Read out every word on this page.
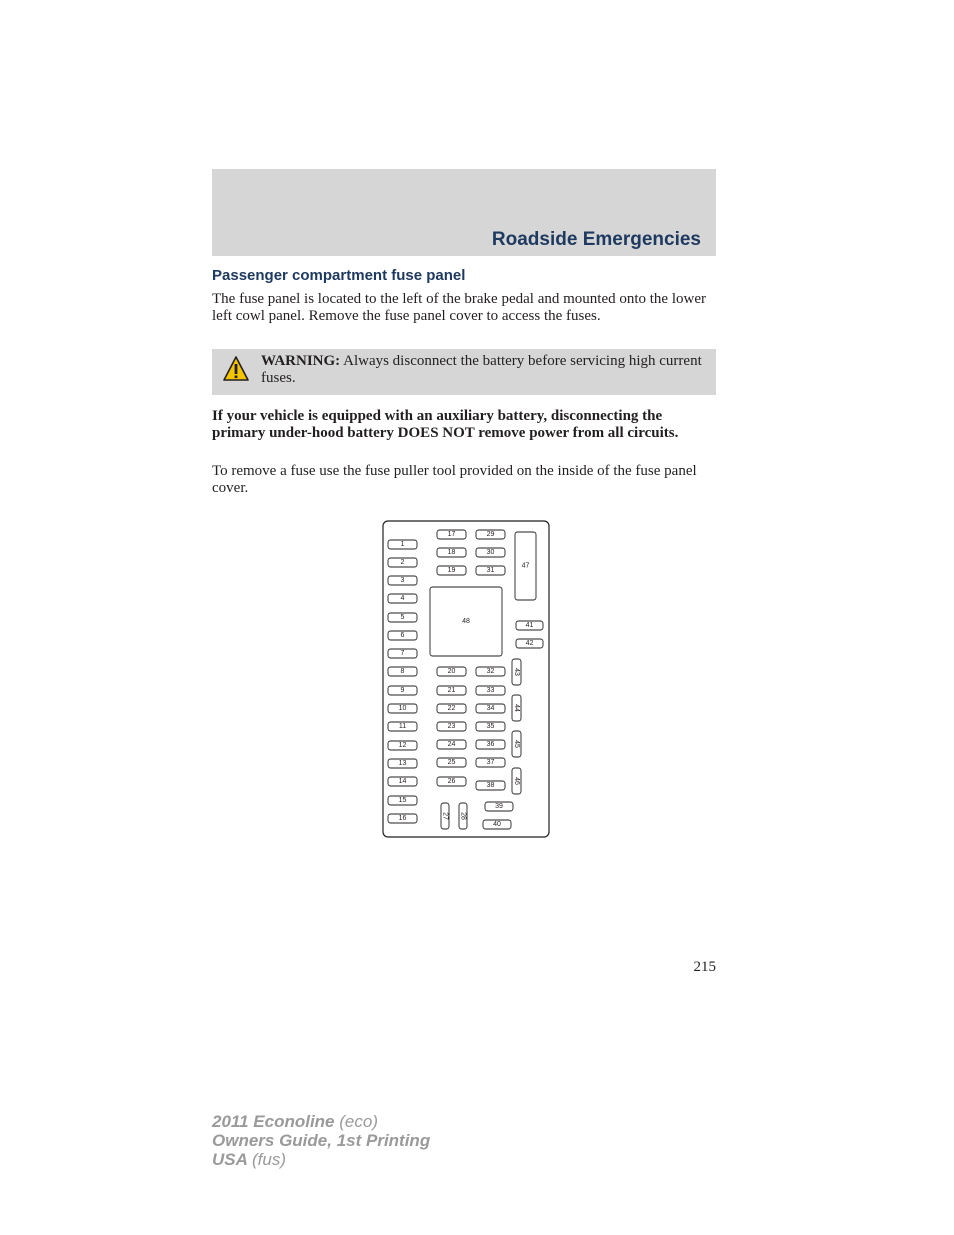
Roadside Emergencies
Passenger compartment fuse panel
The fuse panel is located to the left of the brake pedal and mounted onto the lower left cowl panel. Remove the fuse panel cover to access the fuses.
WARNING: Always disconnect the battery before servicing high current fuses.
If your vehicle is equipped with an auxiliary battery, disconnecting the primary under-hood battery DOES NOT remove power from all circuits.
To remove a fuse use the fuse puller tool provided on the inside of the fuse panel cover.
1
2
3
4
5
6
7
8
9
10
11
12
13
14
15
16
17
18
19
29
30
31
48
20
21
22
23
24
25
26
32
33
34
35
36
37
38
27 28
39
40
47
41
42
43
44
45
46
215
2011 Econoline (eco)
Owners Guide, 1st Printing
USA (fus)
